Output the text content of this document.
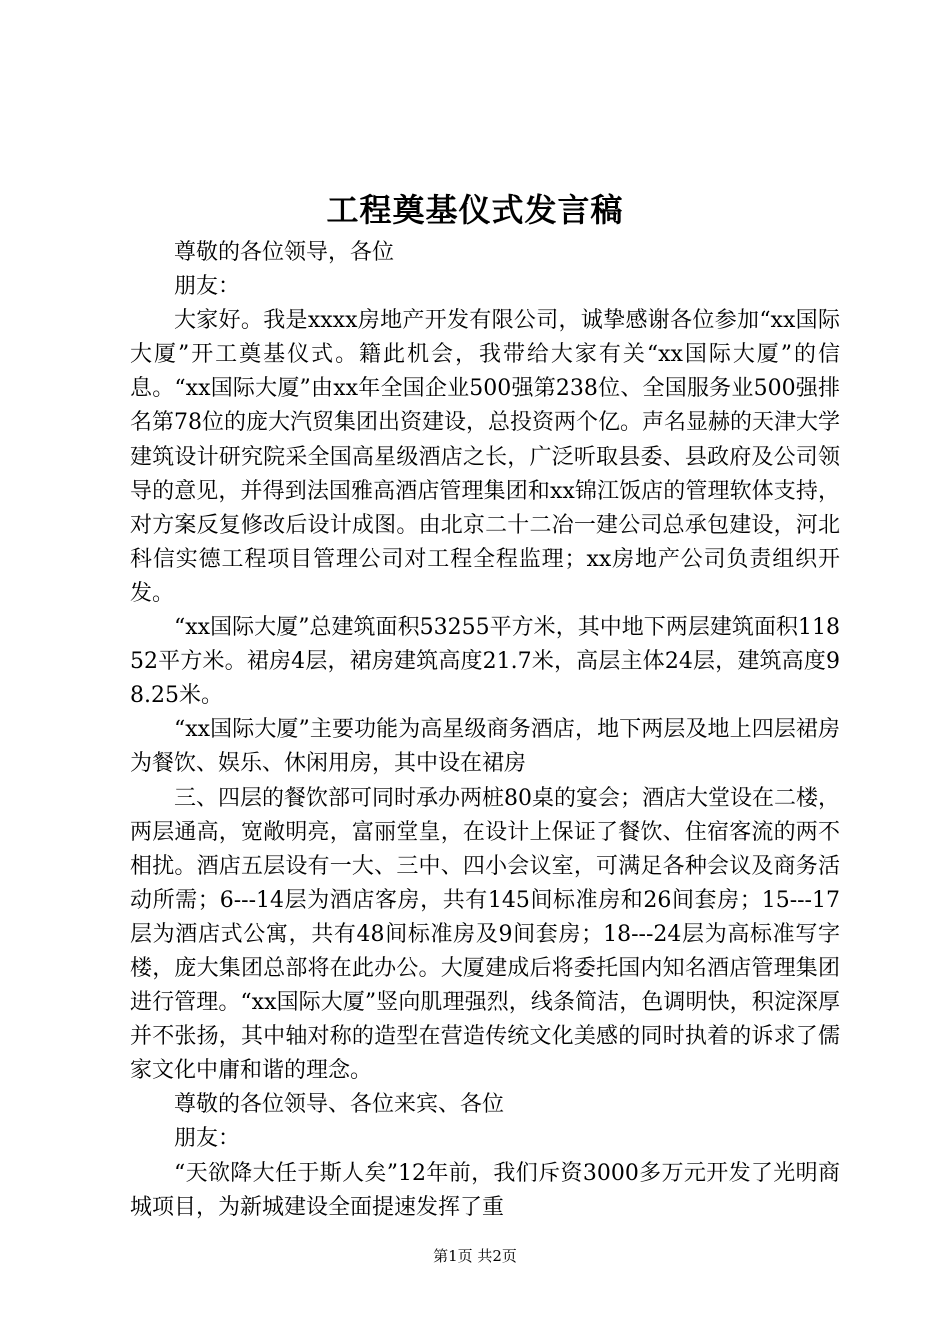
工程奠基仪式发言稿

尊敬的各位领导，各位

朋友：

大家好。我是xxxx房地产开发有限公司，诚挚感谢各位参加“xx国际大厦”开工奠基仪式。籍此机会，我带给大家有关“xx国际大厦”的信息。“xx国际大厦”由xx年全国企业500强第238位、全国服务业500强排名第78位的庞大汽贸集团出资建设，总投资两个亿。声名显赫的天津大学建筑设计研究院采全国高星级酒店之长，广泛听取县委、县政府及公司领导的意见，并得到法国雅高酒店管理集团和xx锦江饭店的管理软体支持，对方案反复修改后设计成图。由北京二十二冶一建公司总承包建设，河北科信实德工程项目管理公司对工程全程监理；xx房地产公司负责组织开发。

“xx国际大厦”总建筑面积53255平方米，其中地下两层建筑面积11852平方米。裙房4层，裙房建筑高度21.7米，高层主体24层，建筑高度98.25米。

“xx国际大厦”主要功能为高星级商务酒店，地下两层及地上四层裙房为餐饮、娱乐、休闲用房，其中设在裙房

三、四层的餐饮部可同时承办两桩80桌的宴会；酒店大堂设在二楼，两层通高，宽敞明亮，富丽堂皇，在设计上保证了餐饮、住宿客流的两不相扰。酒店五层设有一大、三中、四小会议室，可满足各种会议及商务活动所需；6---14层为酒店客房，共有145间标准房和26间套房；15---17层为酒店式公寓，共有48间标准房及9间套房；18---24层为高标准写字楼，庞大集团总部将在此办公。大厦建成后将委托国内知名酒店管理集团进行管理。“xx国际大厦”竖向肌理强烈，线条简洁，色调明快，积淀深厚并不张扬，其中轴对称的造型在营造传统文化美感的同时执着的诉求了儒家文化中庸和谐的理念。

尊敬的各位领导、各位来宾、各位

朋友：

“天欲降大任于斯人矣”12年前，我们斥资3000多万元开发了光明商城项目，为新城建设全面提速发挥了重

第1页 共2页
